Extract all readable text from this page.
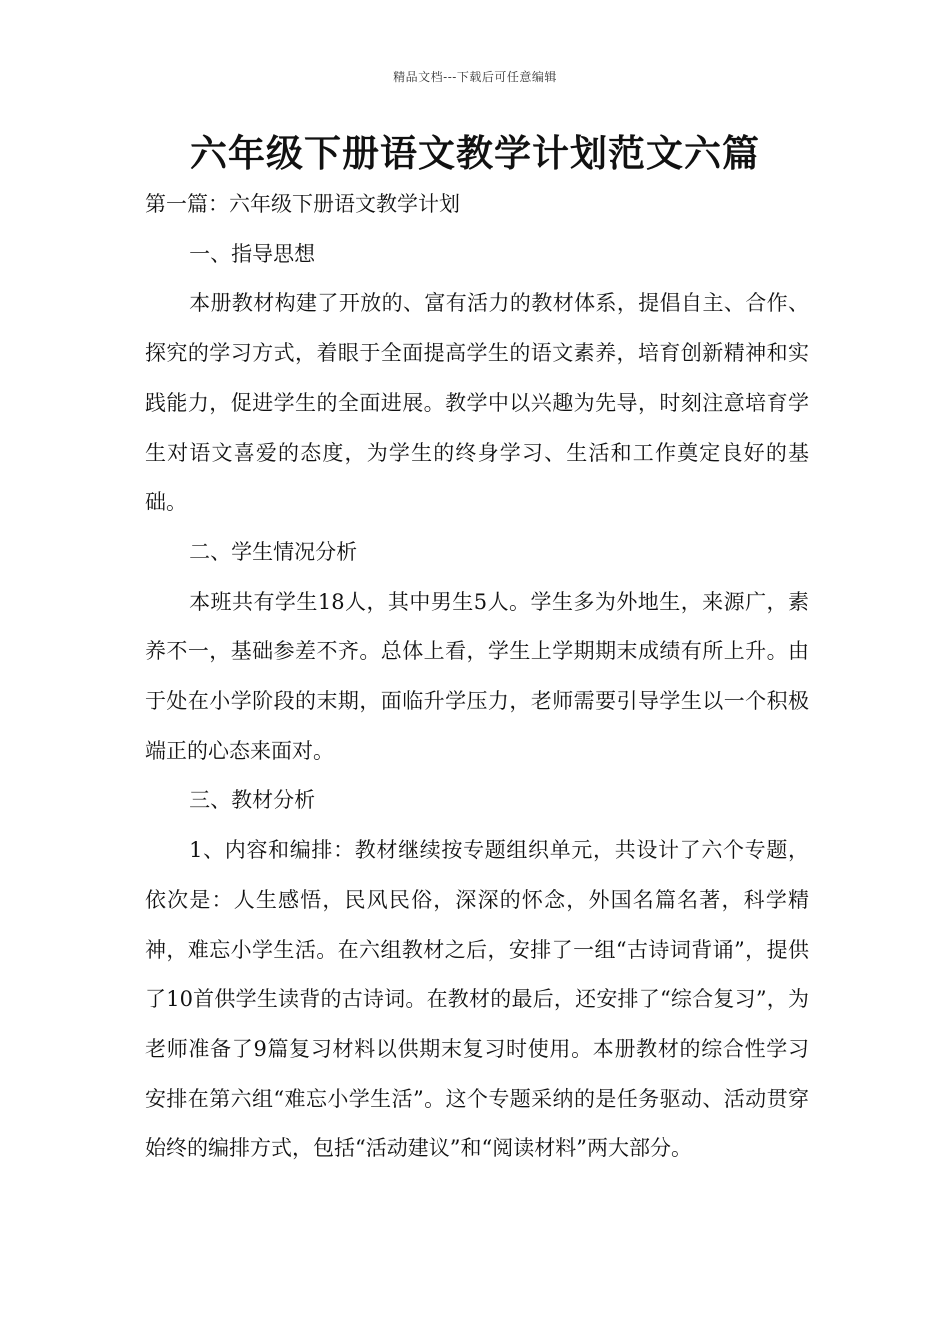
精品文档---下载后可任意编辑
六年级下册语文教学计划范文六篇

第一篇：六年级下册语文教学计划

一、指导思想

本册教材构建了开放的、富有活力的教材体系，提倡自主、合作、探究的学习方式，着眼于全面提高学生的语文素养，培育创新精神和实践能力，促进学生的全面进展。教学中以兴趣为先导，时刻注意培育学生对语文喜爱的态度，为学生的终身学习、生活和工作奠定良好的基础。

二、学生情况分析

本班共有学生18人，其中男生5人。学生多为外地生，来源广，素养不一，基础参差不齐。总体上看，学生上学期期末成绩有所上升。由于处在小学阶段的末期，面临升学压力，老师需要引导学生以一个积极端正的心态来面对。

三、教材分析

1、内容和编排：教材继续按专题组织单元，共设计了六个专题，依次是：人生感悟，民风民俗，深深的怀念，外国名篇名著，科学精神，难忘小学生活。在六组教材之后，安排了一组“古诗词背诵”，提供了10首供学生读背的古诗词。在教材的最后，还安排了“综合复习”，为老师准备了9篇复习材料以供期末复习时使用。本册教材的综合性学习安排在第六组“难忘小学生活”。这个专题采纳的是任务驱动、活动贯穿始终的编排方式，包括“活动建议”和“阅读材料”两大部分。
